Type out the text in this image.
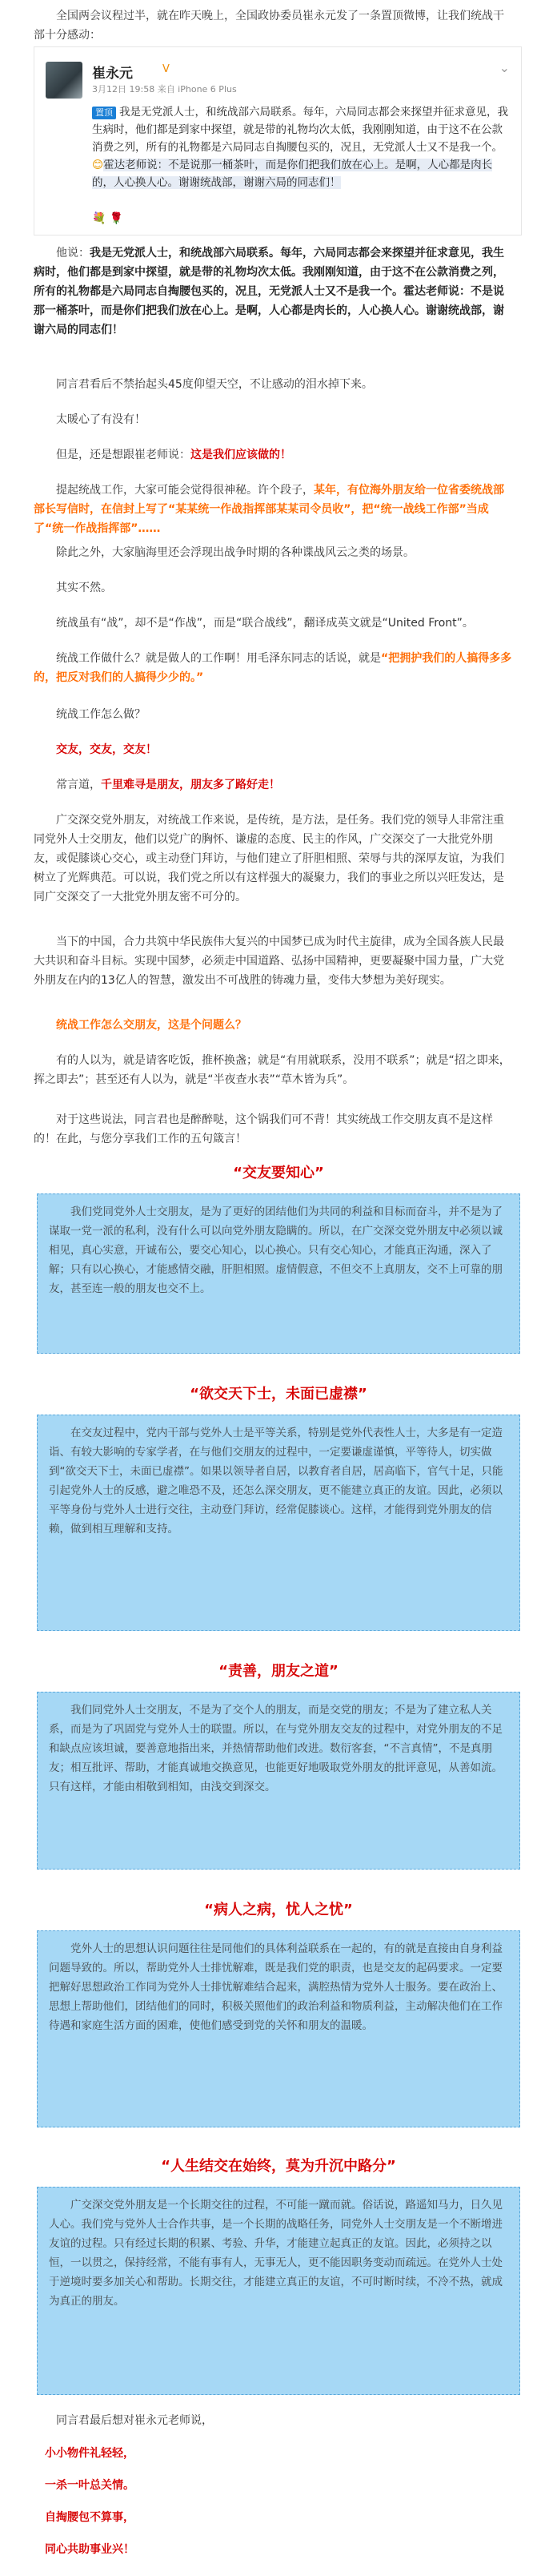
全国两会议程过半，就在昨天晚上，全国政协委员崔永元发了一条置顶微博，让我们统战干部十分感动：

崔永元	V
3月12日 19:58 来自 iPhone 6 Plus
⌄
置顶 我是无党派人士，和统战部六局联系。每年，六局同志都会来探望并征求意见，我生病时，他们都是到家中探望，就是带的礼物均次太低，我刚刚知道，由于这不在公款消费之列，所有的礼物都是六局同志自掏腰包买的，况且，无党派人士又不是我一个。😊霍达老师说：不是说那一桶茶叶，而是你们把我们放在心上。是啊，人心都是肉长的，人心换人心。谢谢统战部，谢谢六局的同志们！
💐 🌹

他说：我是无党派人士，和统战部六局联系。每年，六局同志都会来探望并征求意见，我生病时，他们都是到家中探望，就是带的礼物均次太低。我刚刚知道，由于这不在公款消费之列，所有的礼物都是六局同志自掏腰包买的，况且，无党派人士又不是我一个。霍达老师说：不是说那一桶茶叶，而是你们把我们放在心上。是啊，人心都是肉长的，人心换人心。谢谢统战部，谢谢六局的同志们！

同言君看后不禁抬起头45度仰望天空，不让感动的泪水掉下来。

太暖心了有没有！

但是，还是想跟崔老师说：这是我们应该做的！

提起统战工作，大家可能会觉得很神秘。许个段子，某年，有位海外朋友给一位省委统战部部长写信时，在信封上写了“某某统一作战指挥部某某司令员收”，把“统一战线工作部”当成了“统一作战指挥部”……

除此之外，大家脑海里还会浮现出战争时期的各种谍战风云之类的场景。

其实不然。

统战虽有“战”，却不是“作战”，而是“联合战线”，翻译成英文就是“United Front”。

统战工作做什么？就是做人的工作啊！用毛泽东同志的话说，就是“把拥护我们的人搞得多多的，把反对我们的人搞得少少的。”

统战工作怎么做？

交友，交友，交友！

常言道，千里难寻是朋友，朋友多了路好走！

广交深交党外朋友，对统战工作来说，是传统，是方法，是任务。我们党的领导人非常注重同党外人士交朋友，他们以党广的胸怀、谦虚的态度、民主的作风，广交深交了一大批党外朋友，或促膝谈心交心，或主动登门拜访，与他们建立了肝胆相照、荣辱与共的深厚友谊，为我们树立了光辉典范。可以说，我们党之所以有这样强大的凝聚力，我们的事业之所以兴旺发达，是同广交深交了一大批党外朋友密不可分的。

当下的中国，合力共筑中华民族伟大复兴的中国梦已成为时代主旋律，成为全国各族人民最大共识和奋斗目标。实现中国梦，必须走中国道路、弘扬中国精神，更要凝聚中国力量，广大党外朋友在内的13亿人的智慧，激发出不可战胜的铸魂力量，变伟大梦想为美好现实。

统战工作怎么交朋友，这是个问题么？

有的人以为，就是请客吃饭，推杯换盏；就是“有用就联系，没用不联系”；就是“招之即来，挥之即去”；甚至还有人以为，就是“半夜查水表”“草木皆为兵”。

对于这些说法，同言君也是醉醉哒，这个锅我们可不背！其实统战工作交朋友真不是这样的！在此，与您分享我们工作的五句箴言！

“交友要知心”

我们党同党外人士交朋友，是为了更好的团结他们为共同的利益和目标而奋斗，并不是为了谋取一党一派的私利，没有什么可以向党外朋友隐瞒的。所以，在广交深交党外朋友中必须以诚相见，真心实意，开诚布公，要交心知心，以心换心。只有交心知心，才能真正沟通，深入了解；只有以心换心，才能感情交融，肝胆相照。虚情假意，不但交不上真朋友，交不上可靠的朋友，甚至连一般的朋友也交不上。

“欲交天下士，未面已虚襟”

在交友过程中，党内干部与党外人士是平等关系，特别是党外代表性人士，大多是有一定造诣、有较大影响的专家学者，在与他们交朋友的过程中，一定要谦虚谨慎，平等待人，切实做到“欲交天下士，未面已虚襟”。如果以领导者自居，以教育者自居，居高临下，官气十足，只能引起党外人士的反感，避之唯恐不及，还怎么深交朋友，更不能建立真正的友谊。因此，必须以平等身份与党外人士进行交往，主动登门拜访，经常促膝谈心。这样，才能得到党外朋友的信赖，做到相互理解和支持。

“责善，朋友之道”

我们同党外人士交朋友，不是为了交个人的朋友，而是交党的朋友；不是为了建立私人关系，而是为了巩固党与党外人士的联盟。所以，在与党外朋友交友的过程中，对党外朋友的不足和缺点应该坦诚，要善意地指出来，并热情帮助他们改进。数衍客套，“不言真情”，不是真朋友；相互批评、帮助，才能真诚地交换意见，也能更好地吸取党外朋友的批评意见，从善如流。只有这样，才能由相敬到相知，由浅交到深交。

“病人之病，忧人之忧”

党外人士的思想认识问题往往是同他们的具体利益联系在一起的，有的就是直接由自身利益问题导致的。所以，帮助党外人士排忧解难，既是我们党的职责，也是交友的起码要求。一定要把解好思想政治工作同为党外人士排忧解难结合起来，满腔热情为党外人士服务。要在政治上、思想上帮助他们，团结他们的同时，积极关照他们的政治利益和物质利益，主动解决他们在工作待遇和家庭生活方面的困难，使他们感受到党的关怀和朋友的温暖。

“人生结交在始终，莫为升沉中路分”

广交深交党外朋友是一个长期交往的过程，不可能一蹴而就。俗话说，路遥知马力，日久见人心。我们党与党外人士合作共事，是一个长期的战略任务，同党外人士交朋友是一个不断增进友谊的过程。只有经过长期的积累、考验、升华，才能建立起真正的友谊。因此，必须持之以恒，一以贯之，保持经常，不能有事有人，无事无人，更不能因职务变动而疏远。在党外人士处于逆境时要多加关心和帮助。长期交往，才能建立真正的友谊，不可时断时续，不冷不热，就成为真正的朋友。

同言君最后想对崔永元老师说，

小小物件礼轻轻，
一杀一叶总关情。
自掏腰包不算事，
同心共助事业兴！
